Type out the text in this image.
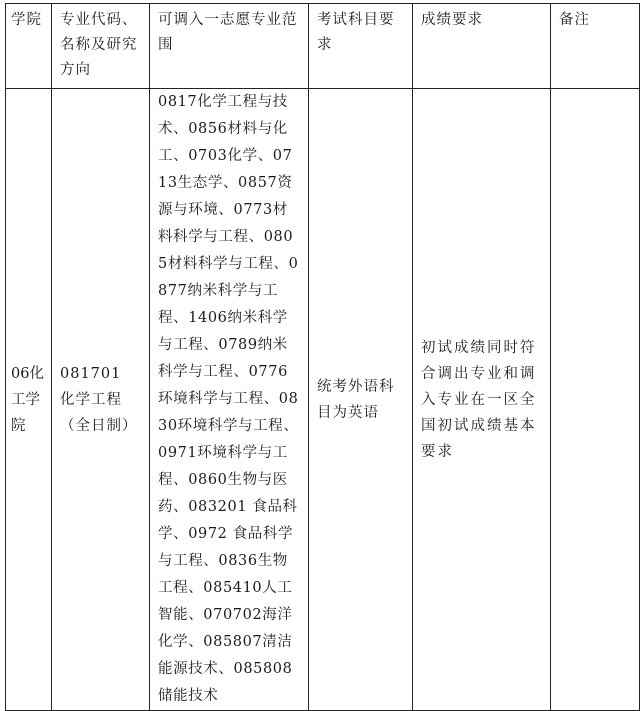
学院	专业代码、名称及研究方向	可调入一志愿专业范围	考试科目要求	成绩要求	备注

06化工学院	081701 化学工程（全日制）	0817化学工程与技术、0856材料与化工、0703化学、0713生态学、0857资源与环境、0773材料科学与工程、0805材料科学与工程、0877纳米科学与工程、1406纳米科学与工程、0789纳米科学与工程、0776环境科学与工程、0830环境科学与工程、0971环境科学与工程、0860生物与医药、083201 食品科学、0972 食品科学与工程、0836生物工程、085410人工智能、070702海洋化学、085807清洁能源技术、085808储能技术	统考外语科目为英语	初试成绩同时符合调出专业和调入专业在一区全国初试成绩基本要求	
